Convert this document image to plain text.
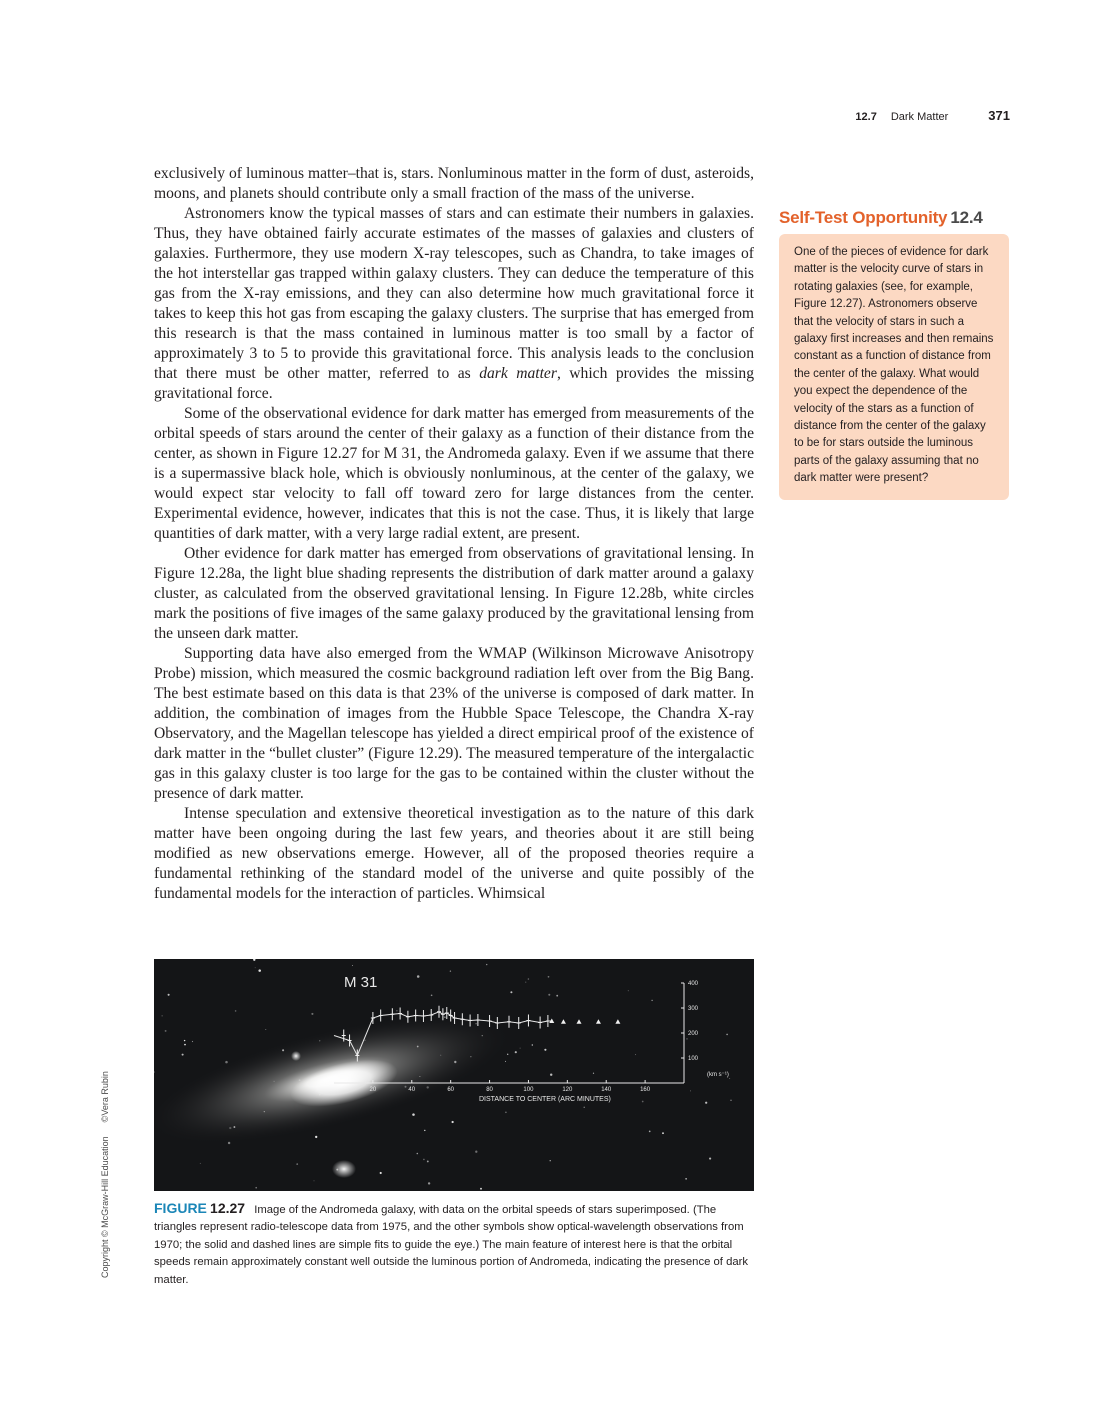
12.7 Dark Matter	371

exclusively of luminous matter–that is, stars. Nonluminous matter in the form of dust, asteroids, moons, and planets should contribute only a small fraction of the mass of the universe.

Astronomers know the typical masses of stars and can estimate their numbers in galaxies. Thus, they have obtained fairly accurate estimates of the masses of galaxies and clusters of galaxies. Furthermore, they use modern X-ray telescopes, such as Chandra, to take images of the hot interstellar gas trapped within galaxy clusters. They can deduce the temperature of this gas from the X-ray emissions, and they can also determine how much gravitational force it takes to keep this hot gas from escaping the galaxy clusters. The surprise that has emerged from this research is that the mass contained in luminous matter is too small by a factor of approximately 3 to 5 to provide this gravitational force. This analysis leads to the conclusion that there must be other matter, referred to as dark matter, which provides the missing gravitational force.

Some of the observational evidence for dark matter has emerged from measurements of the orbital speeds of stars around the center of their galaxy as a function of their distance from the center, as shown in Figure 12.27 for M 31, the Andromeda galaxy. Even if we assume that there is a supermassive black hole, which is obviously nonluminous, at the center of the galaxy, we would expect star velocity to fall off toward zero for large distances from the center. Experimental evidence, however, indicates that this is not the case. Thus, it is likely that large quantities of dark matter, with a very large radial extent, are present.

Other evidence for dark matter has emerged from observations of gravitational lensing. In Figure 12.28a, the light blue shading represents the distribution of dark matter around a galaxy cluster, as calculated from the observed gravitational lensing. In Figure 12.28b, white circles mark the positions of five images of the same galaxy produced by the gravitational lensing from the unseen dark matter.

Supporting data have also emerged from the WMAP (Wilkinson Microwave Anisotropy Probe) mission, which measured the cosmic background radiation left over from the Big Bang. The best estimate based on this data is that 23% of the universe is composed of dark matter. In addition, the combination of images from the Hubble Space Telescope, the Chandra X-ray Observatory, and the Magellan telescope has yielded a direct empirical proof of the existence of dark matter in the “bullet cluster” (Figure 12.29). The measured temperature of the intergalactic gas in this galaxy cluster is too large for the gas to be contained within the cluster without the presence of dark matter.

Intense speculation and extensive theoretical investigation as to the nature of this dark matter have been ongoing during the last few years, and theories about it are still being modified as new observations emerge. However, all of the proposed theories require a fundamental rethinking of the standard model of the universe and quite possibly of the fundamental models for the interaction of particles. Whimsical

Self-Test Opportunity 12.4
One of the pieces of evidence for dark matter is the velocity curve of stars in rotating galaxies (see, for example, Figure 12.27). Astronomers observe that the velocity of stars in such a galaxy first increases and then remains constant as a function of distance from the center of the galaxy. What would you expect the dependence of the velocity of the stars as a function of distance from the center of the galaxy to be for stars outside the luminous parts of the galaxy assuming that no dark matter were present?
M 31
20	40	60	80	100	120	140	160
100
200
300
400
DISTANCE TO CENTER (ARC MINUTES)
(km s⁻¹)
FIGURE 12.27 Image of the Andromeda galaxy, with data on the orbital speeds of stars superimposed. (The triangles represent radio-telescope data from 1975, and the other symbols show optical-wavelength observations from 1970; the solid and dashed lines are simple fits to guide the eye.) The main feature of interest here is that the orbital speeds remain approximately constant well outside the luminous portion of Andromeda, indicating the presence of dark matter.
Copyright © McGraw-Hill Education©Vera Rubin
